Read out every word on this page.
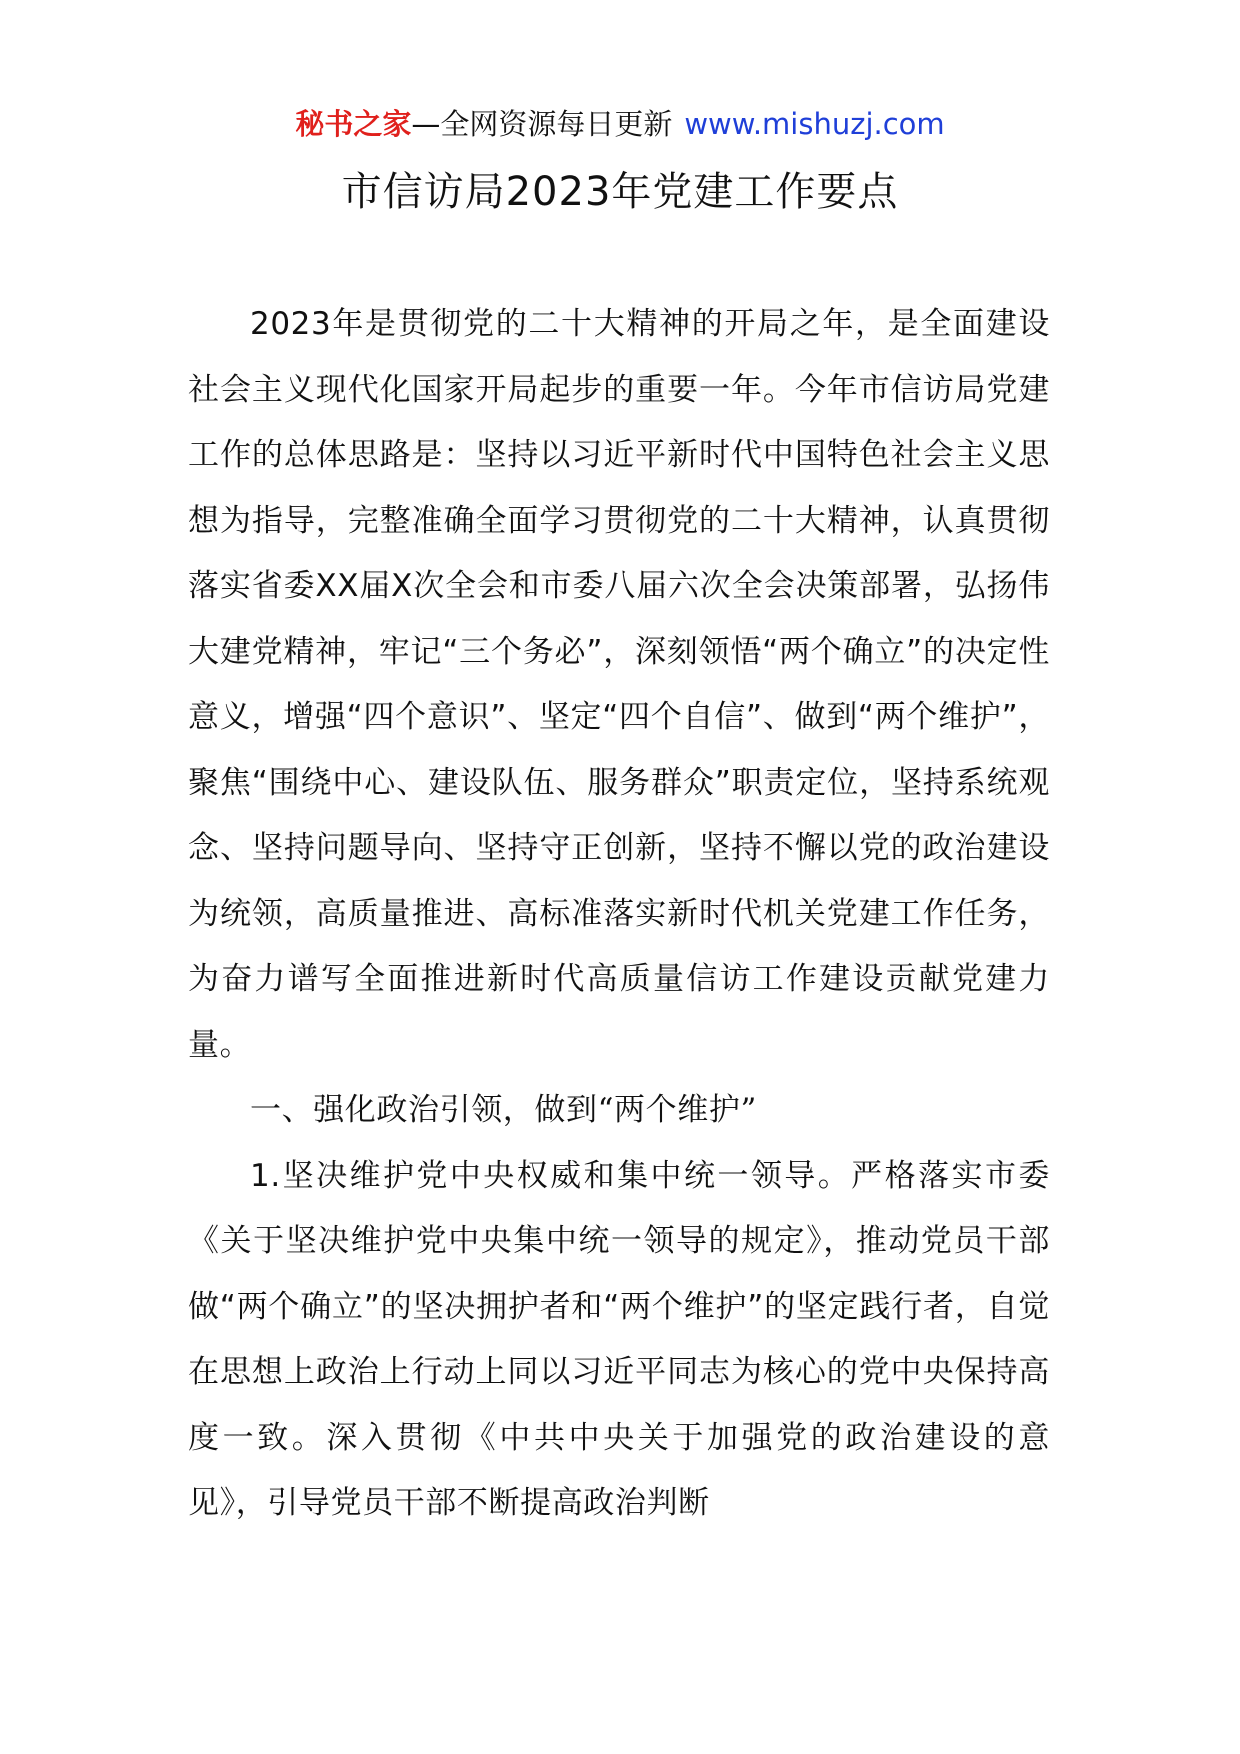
秘书之家—全网资源每日更新 www.mishuzj.com
市信访局2023年党建工作要点

2023年是贯彻党的二十大精神的开局之年，是全面建设社会主义现代化国家开局起步的重要一年。今年市信访局党建工作的总体思路是：坚持以习近平新时代中国特色社会主义思想为指导，完整准确全面学习贯彻党的二十大精神，认真贯彻落实省委XX届X次全会和市委八届六次全会决策部署，弘扬伟大建党精神，牢记“三个务必”，深刻领悟“两个确立”的决定性意义，增强“四个意识”、坚定“四个自信”、做到“两个维护”，聚焦“围绕中心、建设队伍、服务群众”职责定位，坚持系统观念、坚持问题导向、坚持守正创新，坚持不懈以党的政治建设为统领，高质量推进、高标准落实新时代机关党建工作任务，为奋力谱写全面推进新时代高质量信访工作建设贡献党建力量。

一、强化政治引领，做到“两个维护”

1.坚决维护党中央权威和集中统一领导。严格落实市委《关于坚决维护党中央集中统一领导的规定》，推动党员干部做“两个确立”的坚决拥护者和“两个维护”的坚定践行者，自觉在思想上政治上行动上同以习近平同志为核心的党中央保持高度一致。深入贯彻《中共中央关于加强党的政治建设的意见》，引导党员干部不断提高政治判断
